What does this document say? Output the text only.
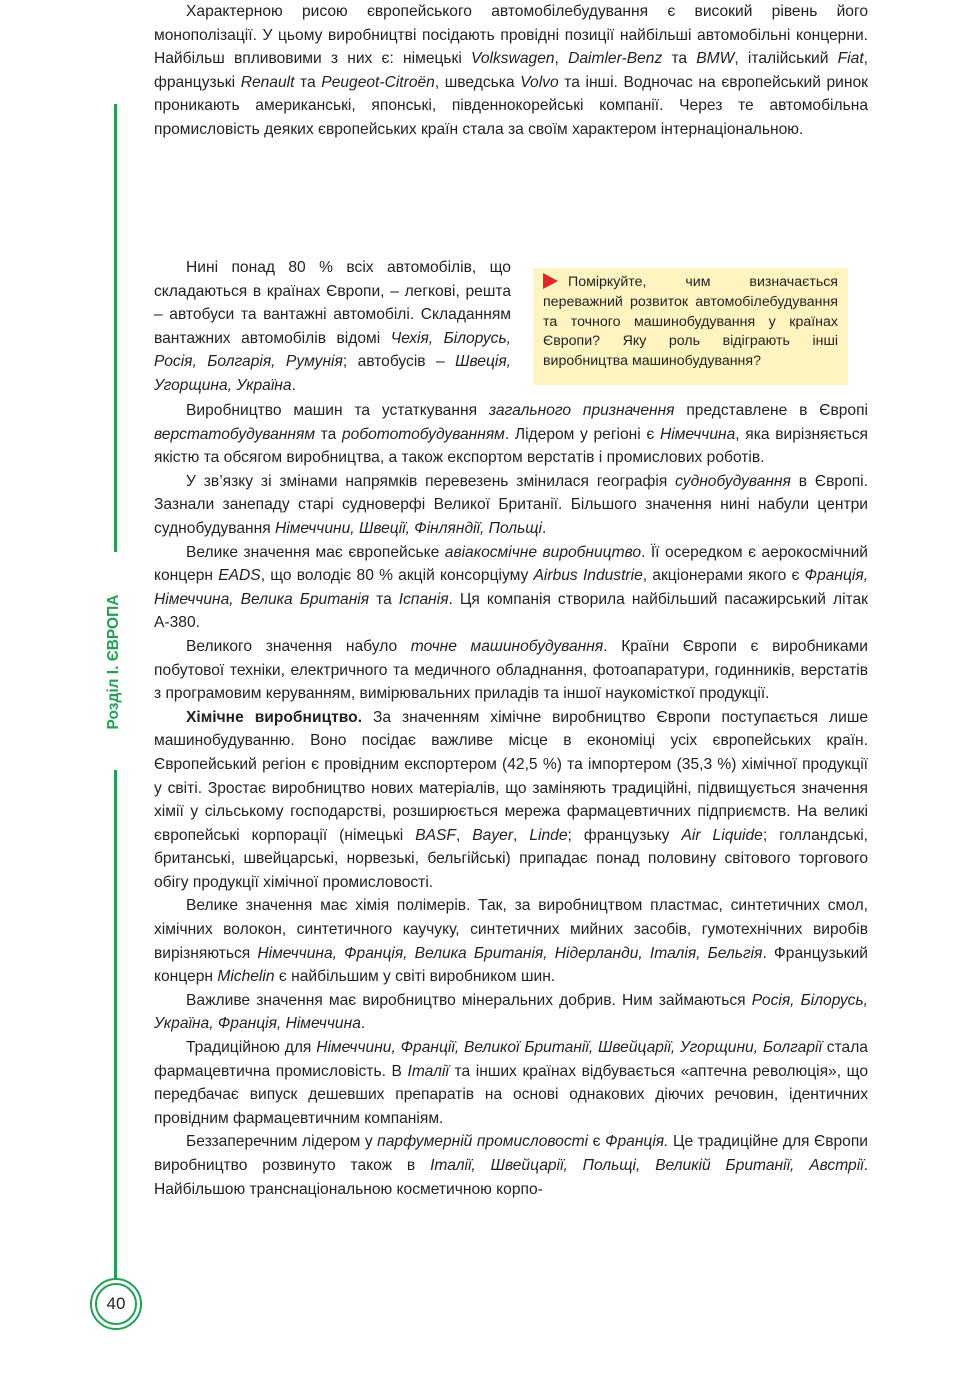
Розділ І. ЄВРОПА

Характерною рисою європейського автомобілебудування є високий рівень його монополізації. У цьому виробництві посідають провідні позиції найбільші автомобільні концерни. Найбільш впливовими з них є: німецькі Volkswagen, Daimler-Benz та BMW, італійський Fiat, французькі Renault та Peugeot-Citroën, шведська Volvo та інші. Водночас на європейський ринок проникають американські, японські, південнокорейські компанії. Через те автомобільна промисловість деяких європейських країн стала за своїм характером інтернаціональною.

Нині понад 80 % всіх автомобілів, що складаються в країнах Європи, – легкові, решта – автобуси та вантажні автомобілі. Складанням вантажних автомобілів відомі Чехія, Білорусь, Росія, Болгарія, Румунія; автобусів – Швеція, Угорщина, Україна.

Поміркуйте, чим визначається переважний розвиток автомобілебудування та точного машинобудування у країнах Європи? Яку роль відіграють інші виробництва машинобудування?

Виробництво машин та устаткування загального призначення представлене в Європі верстатобудуванням та робототобудуванням. Лідером у регіоні є Німеччина, яка вирізняється якістю та обсягом виробництва, а також експортом верстатів і промислових роботів.

У зв’язку зі змінами напрямків перевезень змінилася географія суднобудування в Європі. Зазнали занепаду старі судноверфі Великої Британії. Більшого значення нині набули центри суднобудування Німеччини, Швеції, Фінляндії, Польщі.

Велике значення має європейське авіакосмічне виробництво. Її осередком є аерокосмічний концерн EADS, що володіє 80 % акцій консорціуму Airbus Industrie, акціонерами якого є Франція, Німеччина, Велика Британія та Іспанія. Ця компанія створила найбільший пасажирський літак А-380.

Великого значення набуло точне машинобудування. Країни Європи є виробниками побутової техніки, електричного та медичного обладнання, фотоапаратури, годинників, верстатів з програмовим керуванням, вимірювальних приладів та іншої наукомісткої продукції.

Хімічне виробництво. За значенням хімічне виробництво Європи поступається лише машинобудуванню. Воно посідає важливе місце в економіці усіх європейських країн. Європейський регіон є провідним експортером (42,5 %) та імпортером (35,3 %) хімічної продукції у світі. Зростає виробництво нових матеріалів, що заміняють традиційні, підвищується значення хімії у сільському господарстві, розширюється мережа фармацевтичних підприємств. На великі європейські корпорації (німецькі BASF, Bayer, Linde; французьку Air Liquide; голландські, британські, швейцарські, норвезькі, бельгійські) припадає понад половину світового торгового обігу продукції хімічної промисловості.

Велике значення має хімія полімерів. Так, за виробництвом пластмас, синтетичних смол, хімічних волокон, синтетичного каучуку, синтетичних мийних засобів, гумотехнічних виробів вирізняються Німеччина, Франція, Велика Британія, Нідерланди, Італія, Бельгія. Французький концерн Michelin є найбільшим у світі виробником шин.

Важливе значення має виробництво мінеральних добрив. Ним займаються Росія, Білорусь, Україна, Франція, Німеччина.

Традиційною для Німеччини, Франції, Великої Британії, Швейцарії, Угорщини, Болгарії стала фармацевтична промисловість. В Італії та інших країнах відбувається «аптечна революція», що передбачає випуск дешевших препаратів на основі однакових діючих речовин, ідентичних провідним фармацевтичним компаніям.

Беззаперечним лідером у парфумерній промисловості є Франція. Це традиційне для Європи виробництво розвинуто також в Італії, Швейцарії, Польщі, Великій Британії, Австрії. Найбільшою транснаціональною косметичною корпо-

40
